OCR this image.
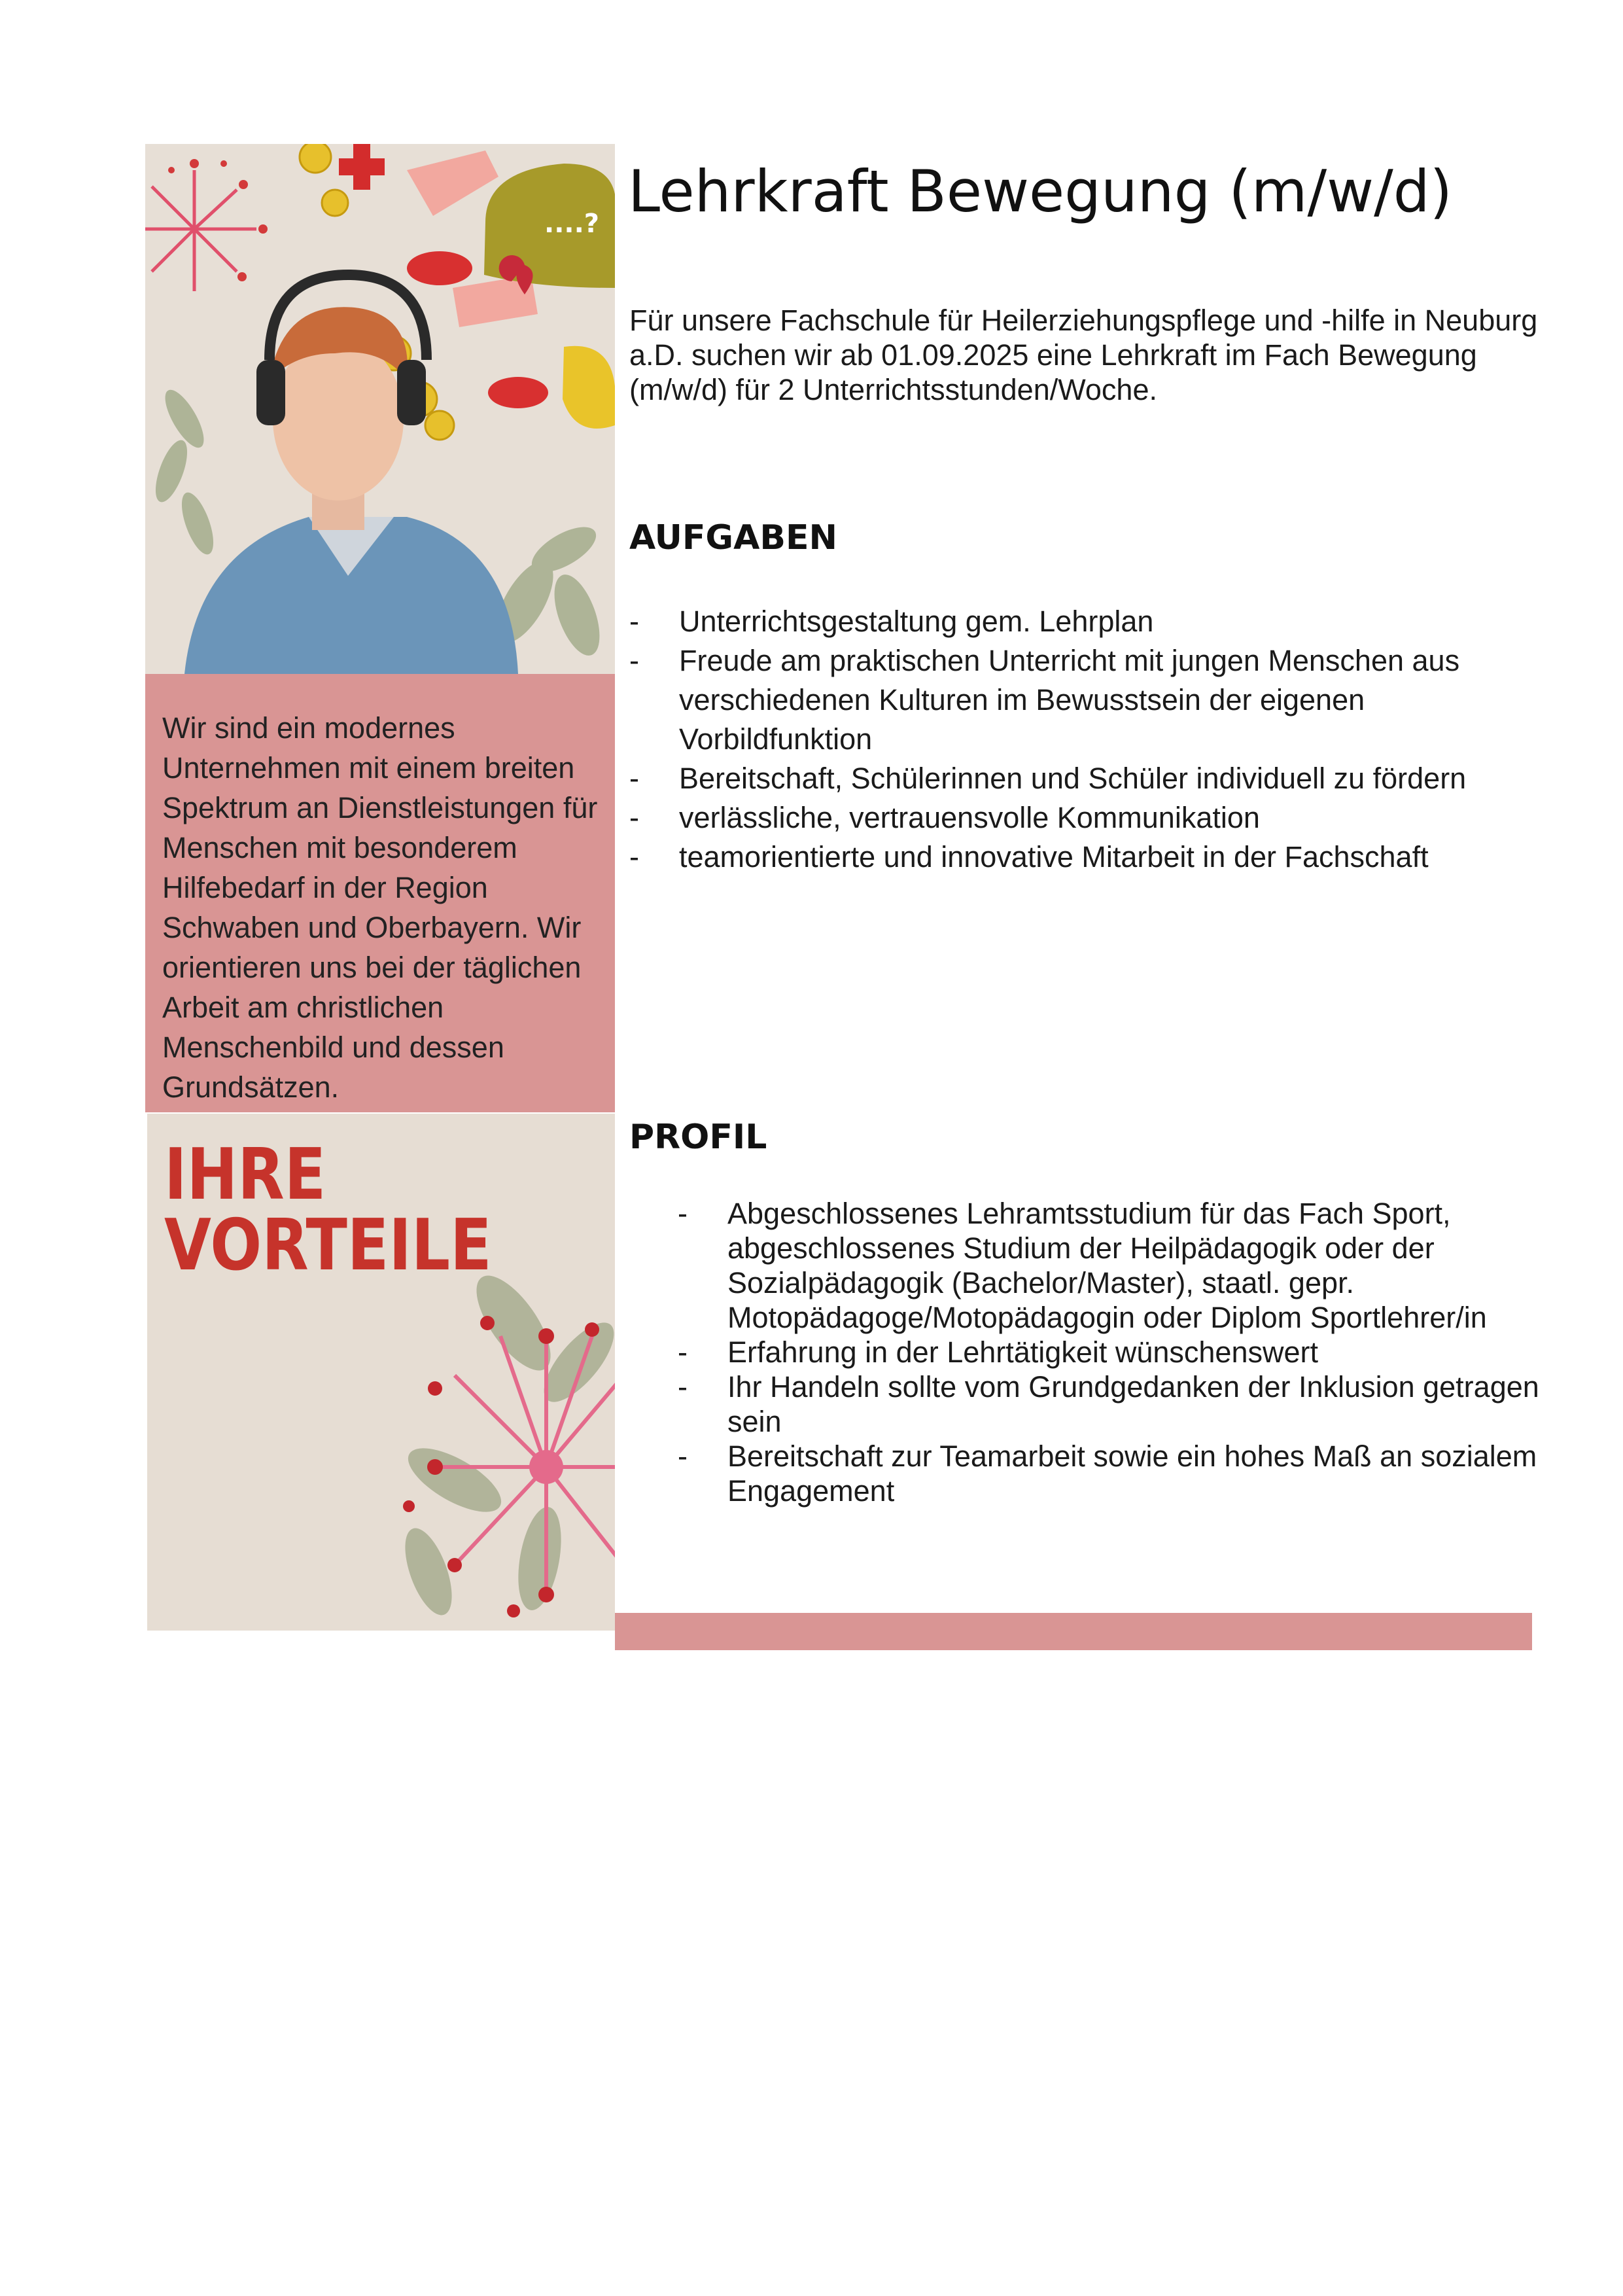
....?
Wir sind ein modernes Unternehmen mit einem breiten Spektrum an Dienstleistungen für Menschen mit besonderem Hilfebedarf in der Region Schwaben und Oberbayern. Wir orientieren uns bei der täglichen Arbeit am christlichen Menschenbild und dessen Grundsätzen.
IHRE
VORTEILE
Lehrkraft Bewegung (m/w/d)
Für unsere Fachschule für Heilerziehungspflege und -hilfe in Neuburg a.D. suchen wir ab 01.09.2025 eine Lehrkraft im Fach Bewegung (m/w/d) für 2 Unterrichtsstunden/Woche.
AUFGABEN
- Unterrichtsgestaltung gem. Lehrplan
- Freude am praktischen Unterricht mit jungen Menschen aus verschiedenen Kulturen im Bewusstsein der eigenen Vorbildfunktion
- Bereitschaft, Schülerinnen und Schüler individuell zu fördern
- verlässliche, vertrauensvolle Kommunikation
- teamorientierte und innovative Mitarbeit in der Fachschaft
PROFIL
- Abgeschlossenes Lehramtsstudium für das Fach Sport, abgeschlossenes Studium der Heilpädagogik oder der Sozialpädagogik (Bachelor/Master), staatl. gepr. Motopädagoge/Motopädagogin oder Diplom Sportlehrer/in
- Erfahrung in der Lehrtätigkeit wünschenswert
- Ihr Handeln sollte vom Grundgedanken der Inklusion getragen sein
- Bereitschaft zur Teamarbeit sowie ein hohes Maß an sozialem Engagement
